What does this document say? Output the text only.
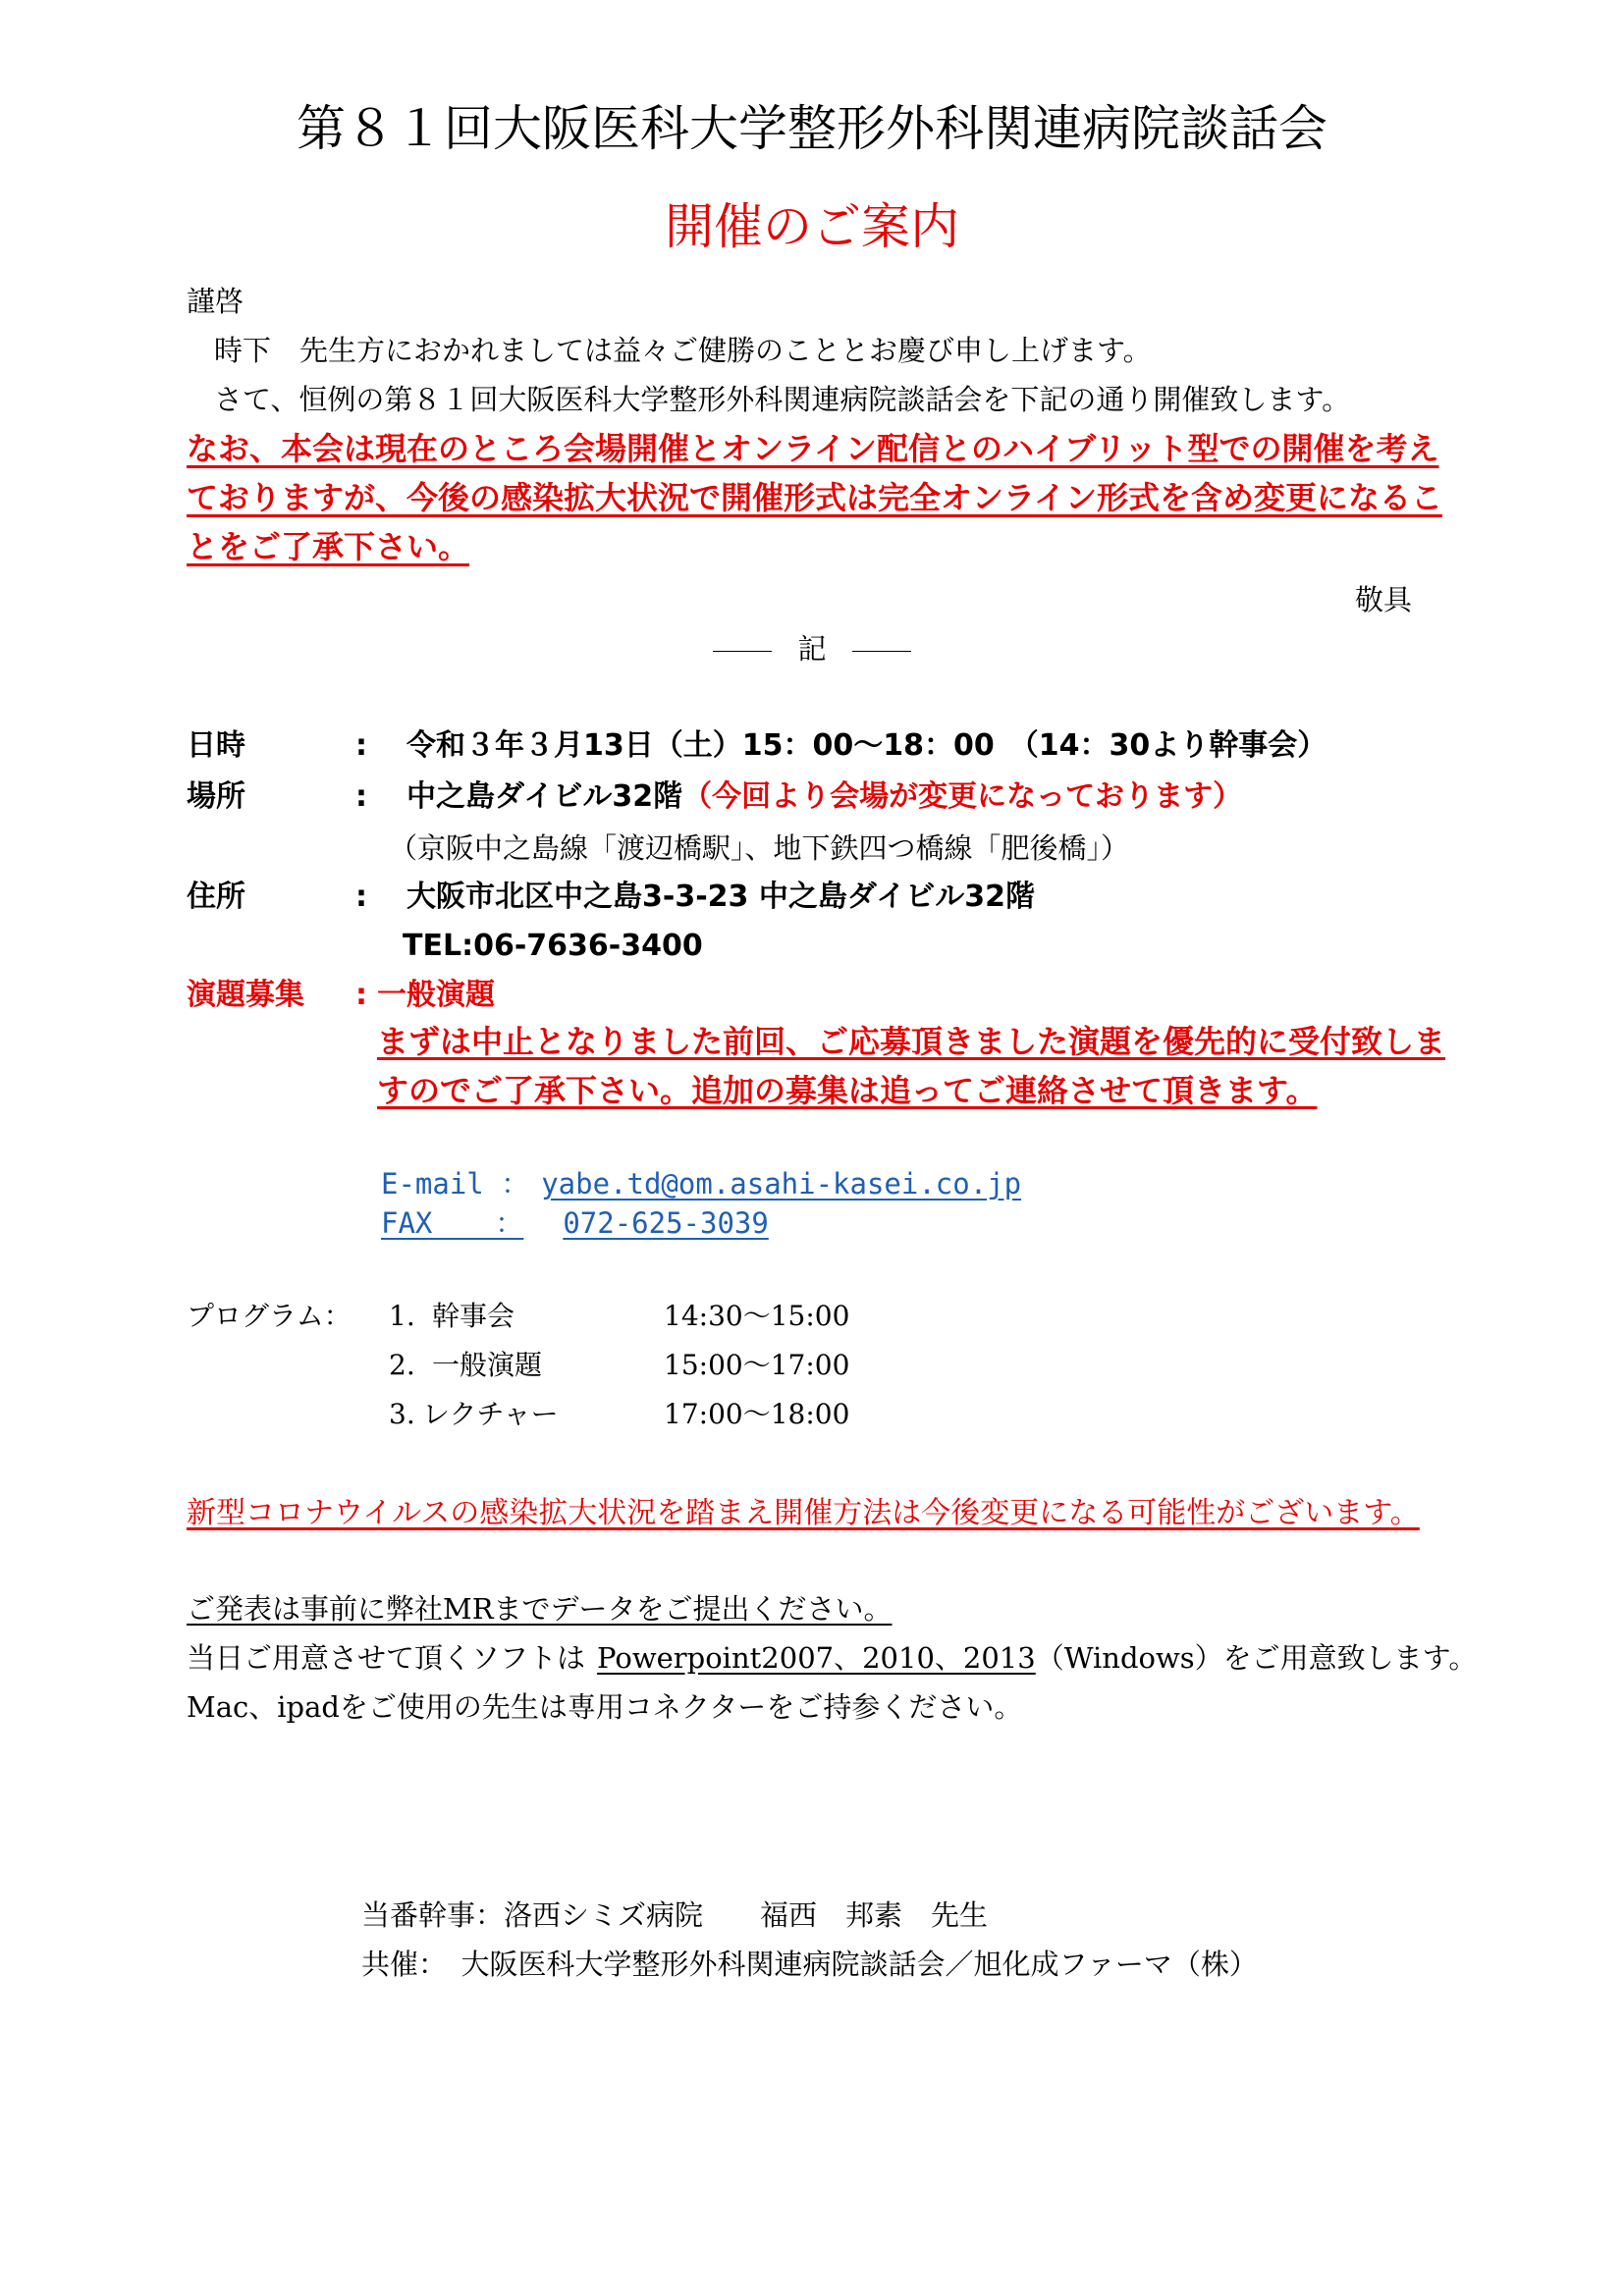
第８１回大阪医科大学整形外科関連病院談話会
開催のご案内
謹啓
時下　先生方におかれましては益々ご健勝のこととお慶び申し上げます。
さて、恒例の第８１回大阪医科大学整形外科関連病院談話会を下記の通り開催致します。
なお、本会は現在のところ会場開催とオンライン配信とのハイブリット型での開催を考えておりますが、今後の感染拡大状況で開催形式は完全オンライン形式を含め変更になることをご了承下さい。
敬具
記
日時	: 令和３年３月13日（土）15：00～18：00　（14：30より幹事会）
場所	: 中之島ダイビル32階（今回より会場が変更になっております）
（京阪中之島線「渡辺橋駅」、地下鉄四つ橋線「肥後橋」）
住所	: 大阪市北区中之島3-3-23 中之島ダイビル32階
TEL:06-7636-3400
演題募集 : 一般演題
まずは中止となりました前回、ご応募頂きました演題を優先的に受付致しますのでご了承下さい。追加の募集は追ってご連絡させて頂きます。
E-mail ： yabe.td@om.asahi-kasei.co.jp
FAX 　 ： 072-625-3039
プログラム： 1. 幹事会	14:30～15:00
2. 一般演題	15:00～17:00
3. レクチャー	17:00～18:00
新型コロナウイルスの感染拡大状況を踏まえ開催方法は今後変更になる可能性がございます。
ご発表は事前に弊社MRまでデータをご提出ください。
当日ご用意させて頂くソフトは Powerpoint2007、2010、2013（Windows）をご用意致します。
Mac、ipadをご使用の先生は専用コネクターをご持参ください。
当番幹事：洛西シミズ病院　　福西　邦素　先生
共催：　大阪医科大学整形外科関連病院談話会／旭化成ファーマ（株）
